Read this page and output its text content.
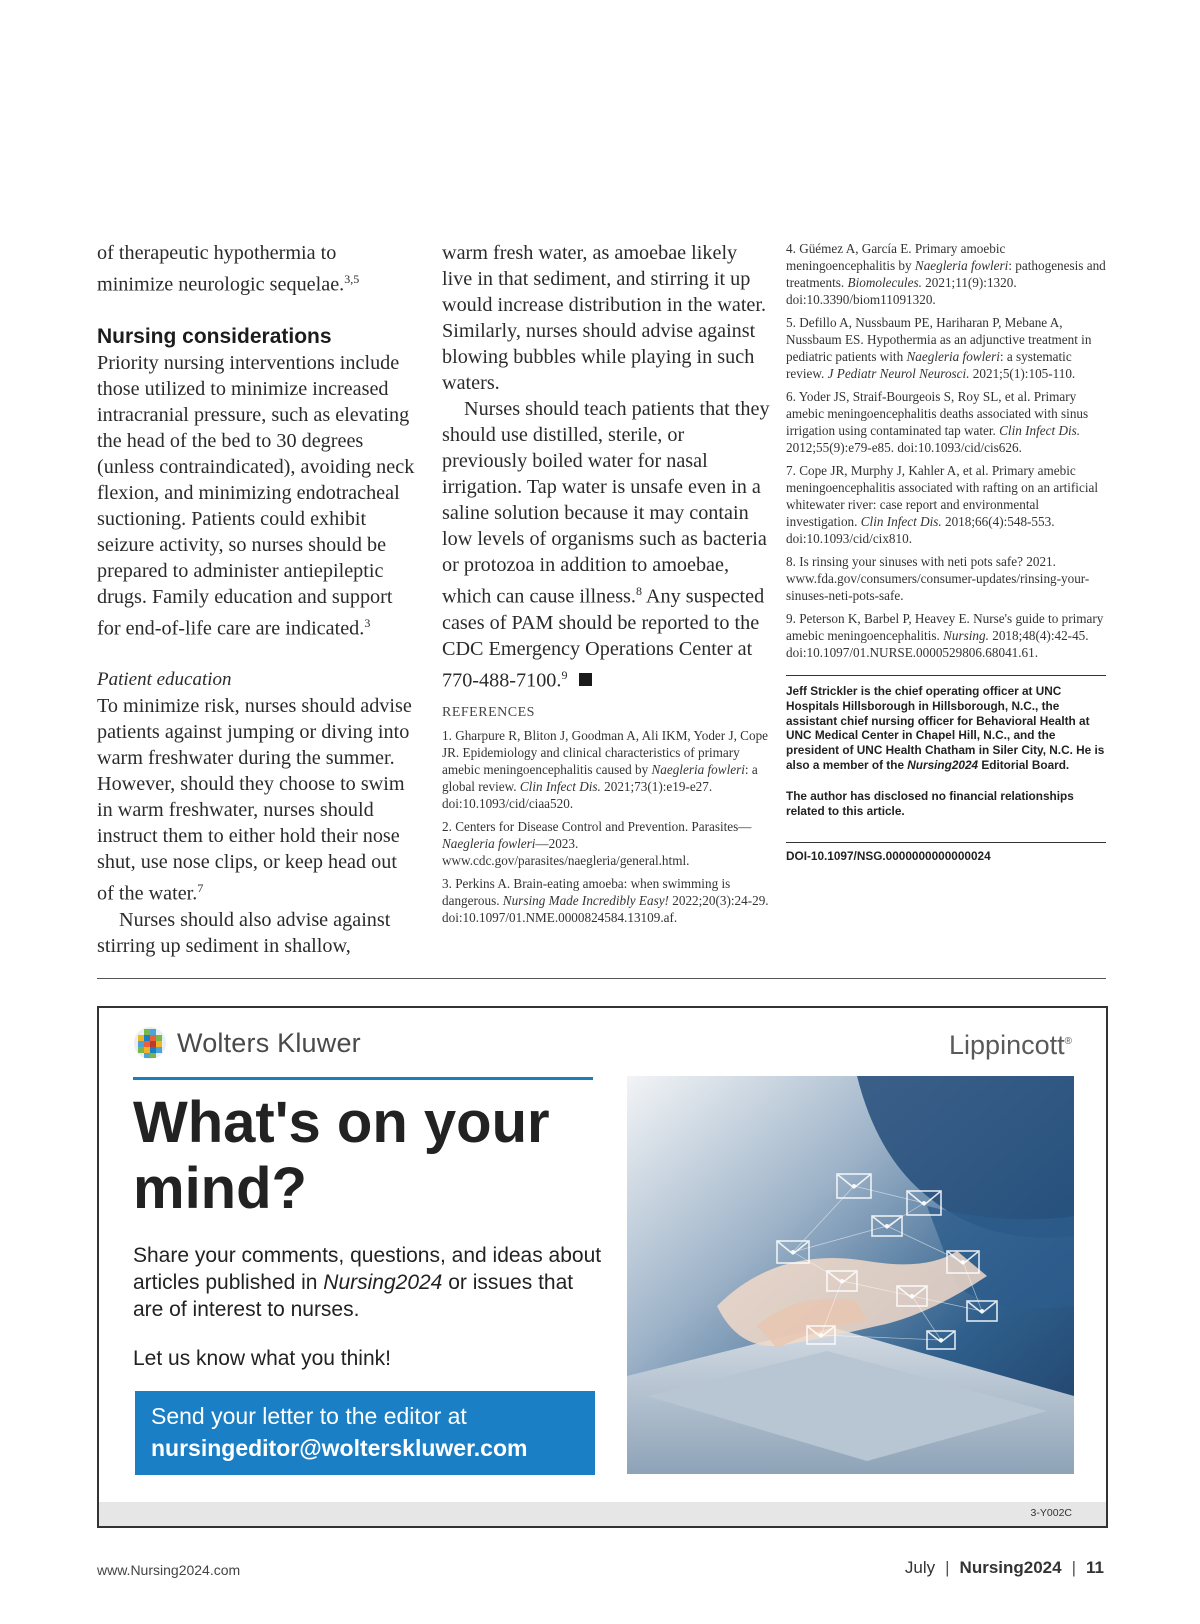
of therapeutic hypothermia to minimize neurologic sequelae.$^{3,5}$

Nursing considerations

Priority nursing interventions include those utilized to minimize increased intracranial pressure, such as elevating the head of the bed to 30 degrees (unless contraindicated), avoiding neck flexion, and minimizing endotracheal suctioning. Patients could exhibit seizure activity, so nurses should be prepared to administer antiepileptic drugs. Family education and support for end-of-life care are indicated.$^3$

Patient education

To minimize risk, nurses should advise patients against jumping or diving into warm freshwater during the summer. However, should they choose to swim in warm freshwater, nurses should instruct them to either hold their nose shut, use nose clips, or keep head out of the water.$^7$

Nurses should also advise against stirring up sediment in shallow,

warm fresh water, as amoebae likely live in that sediment, and stirring it up would increase distribution in the water. Similarly, nurses should advise against blowing bubbles while playing in such waters.

Nurses should teach patients that they should use distilled, sterile, or previously boiled water for nasal irrigation. Tap water is unsafe even in a saline solution because it may contain low levels of organisms such as bacteria or protozoa in addition to amoebae, which can cause illness.$^8$ Any suspected cases of PAM should be reported to the CDC Emergency Operations Center at 770-488-7100.$^9$

REFERENCES

1. Gharpure R, Bliton J, Goodman A, Ali IKM, Yoder J, Cope JR. Epidemiology and clinical characteristics of primary amebic meningoencephalitis caused by Naegleria fowleri: a global review. Clin Infect Dis. 2021;73(1):e19-e27. doi:10.1093/cid/ciaa520.

2. Centers for Disease Control and Prevention. Parasites—Naegleria fowleri—2023. www.cdc.gov/parasites/naegleria/general.html.

3. Perkins A. Brain-eating amoeba: when swimming is dangerous. Nursing Made Incredibly Easy! 2022;20(3):24-29. doi:10.1097/01.NME.0000824584.13109.af.

4. Güémez A, García E. Primary amoebic meningoencephalitis by Naegleria fowleri: pathogenesis and treatments. Biomolecules. 2021;11(9):1320. doi:10.3390/biom11091320.

5. Defillo A, Nussbaum PE, Hariharan P, Mebane A, Nussbaum ES. Hypothermia as an adjunctive treatment in pediatric patients with Naegleria fowleri: a systematic review. J Pediatr Neurol Neurosci. 2021;5(1):105-110.

6. Yoder JS, Straif-Bourgeois S, Roy SL, et al. Primary amebic meningoencephalitis deaths associated with sinus irrigation using contaminated tap water. Clin Infect Dis. 2012;55(9):e79-e85. doi:10.1093/cid/cis626.

7. Cope JR, Murphy J, Kahler A, et al. Primary amebic meningoencephalitis associated with rafting on an artificial whitewater river: case report and environmental investigation. Clin Infect Dis. 2018;66(4):548-553. doi:10.1093/cid/cix810.

8. Is rinsing your sinuses with neti pots safe? 2021. www.fda.gov/consumers/consumer-updates/rinsing-your-sinuses-neti-pots-safe.

9. Peterson K, Barbel P, Heavey E. Nurse's guide to primary amebic meningoencephalitis. Nursing. 2018;48(4):42-45. doi:10.1097/01.NURSE.0000529806.68041.61.

Jeff Strickler is the chief operating officer at UNC Hospitals Hillsborough in Hillsborough, N.C., the assistant chief nursing officer for Behavioral Health at UNC Medical Center in Chapel Hill, N.C., and the president of UNC Health Chatham in Siler City, N.C. He is also a member of the Nursing2024 Editorial Board.

The author has disclosed no financial relationships related to this article.

DOI-10.1097/NSG.0000000000000024

Wolters Kluwer	Lippincott®
What's on your mind?

Share your comments, questions, and ideas about articles published in Nursing2024 or issues that are of interest to nurses.

Let us know what you think!

Send your letter to the editor at
nursingeditor@wolterskluwer.com
3-Y002C
www.Nursing2024.com	July | Nursing2024 | 11
